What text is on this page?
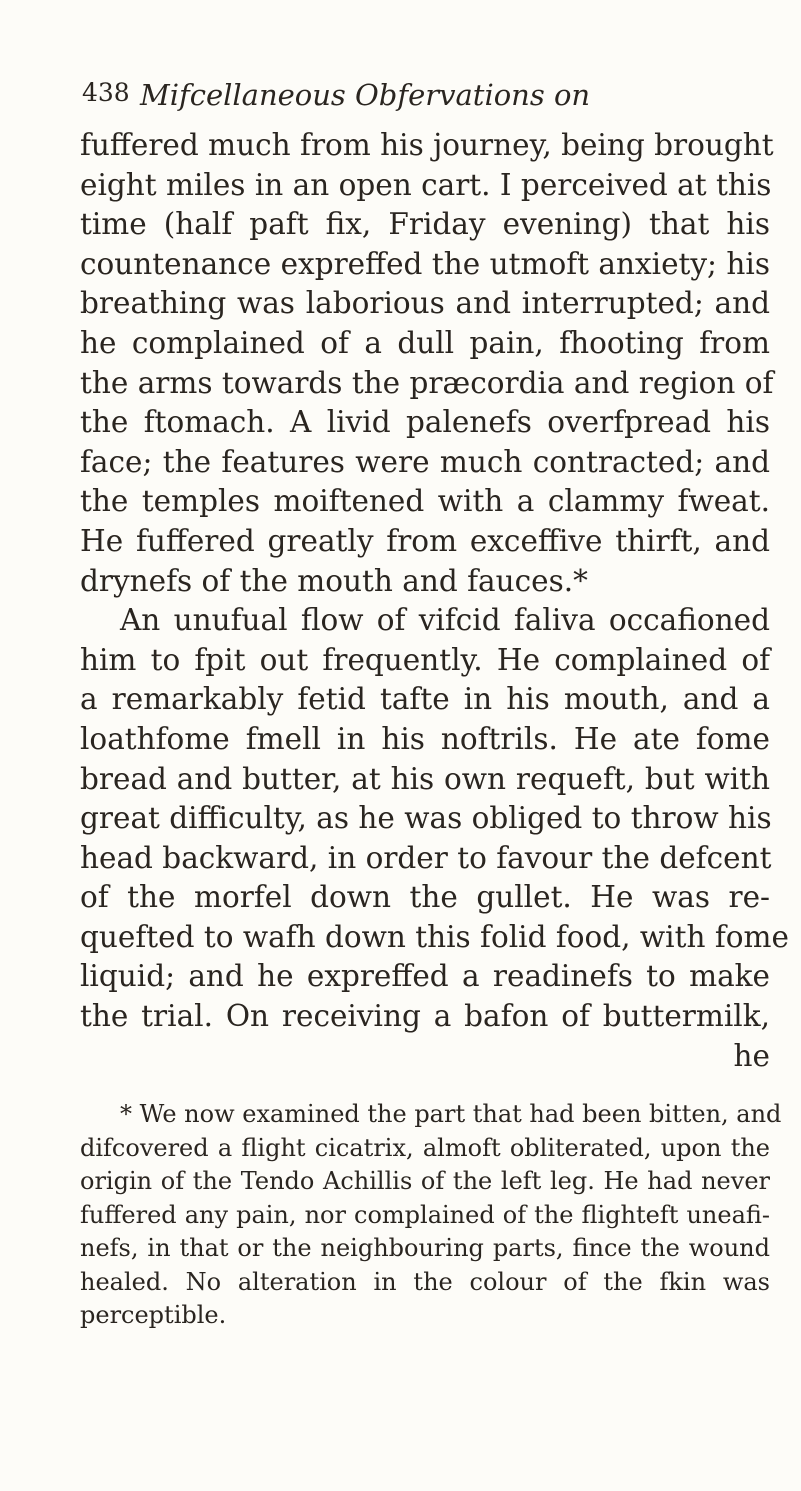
438 Mifcellaneous Obfervations on
fuffered much from his journey, being brought
eight miles in an open cart. I perceived at this
time (half paft fix, Friday evening) that his
countenance expreffed the utmoft anxiety; his
breathing was laborious and interrupted; and
he complained of a dull pain, fhooting from
the arms towards the præcordia and region of
the ftomach. A livid palenefs overfpread his
face; the features were much contracted; and
the temples moiftened with a clammy fweat.
He fuffered greatly from exceffive thirft, and
drynefs of the mouth and fauces.*
An unufual flow of vifcid faliva occafioned
him to fpit out frequently. He complained of
a remarkably fetid tafte in his mouth, and a
loathfome fmell in his noftrils. He ate fome
bread and butter, at his own requeft, but with
great difficulty, as he was obliged to throw his
head backward, in order to favour the defcent
of the morfel down the gullet. He was re-
quefted to wafh down this folid food, with fome
liquid; and he expreffed a readinefs to make
the trial. On receiving a bafon of buttermilk,
he
* We now examined the part that had been bitten, and
difcovered a flight cicatrix, almoft obliterated, upon the
origin of the Tendo Achillis of the left leg. He had never
fuffered any pain, nor complained of the flighteft uneafi-
nefs, in that or the neighbouring parts, fince the wound
healed. No alteration in the colour of the fkin was
perceptible.
